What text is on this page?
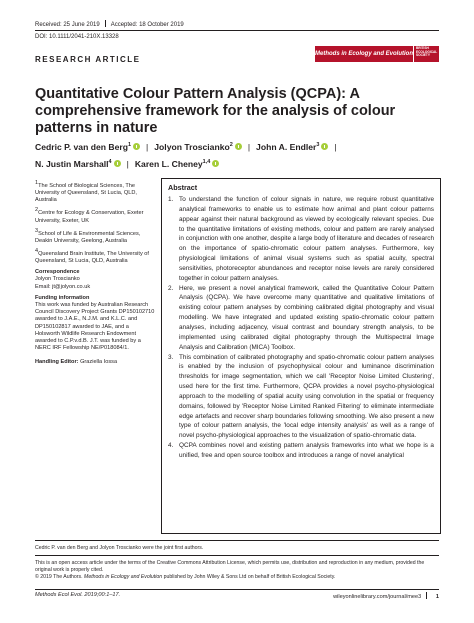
Received: 25 June 2019 Accepted: 18 October 2019
DOI: 10.1111/2041-210X.13328
RESEARCH ARTICLE
Methods in Ecology and Evolution
BRITISH
ECOLOGICAL
SOCIETY
Quantitative Colour Pattern Analysis (QCPA): A comprehensive framework for the analysis of colour patterns in nature
Cedric P. van den Berg$^1$ | Jolyon Troscianko$^2$ | John A. Endler$^3$ |
N. Justin Marshall$^4$ | Karen L. Cheney$^{1,4}$
$^1$The School of Biological Sciences, The University of Queensland, St Lucia, QLD, Australia
$^2$Centre for Ecology & Conservation, Exeter University, Exeter, UK
$^3$School of Life & Environmental Sciences, Deakin University, Geelong, Australia
$^4$Queensland Brain Institute, The University of Queensland, St Lucia, QLD, Australia
Correspondence
Jolyon Troscianko
Email: jt@jolyon.co.uk
Funding information
This work was funded by Australian Research Council Discovery Project Grants DP150102710 awarded to J.A.E., N.J.M. and K.L.C. and DP150102817 awarded to JAE, and a Holsworth Wildlife Research Endowment awarded to C.P.v.d.B. J.T. was funded by a NERC IRF Fellowship NE/P018084/1.
Handling Editor: Graziella Iossa
Abstract
1. To understand the function of colour signals in nature, we require robust quantitative analytical frameworks to enable us to estimate how animal and plant colour patterns appear against their natural background as viewed by ecologically relevant species. Due to the quantitative limitations of existing methods, colour and pattern are rarely analysed in conjunction with one another, despite a large body of literature and decades of research on the importance of spatio-chromatic colour pattern analyses. Furthermore, key physiological limitations of animal visual systems such as spatial acuity, spectral sensitivities, photoreceptor abundances and receptor noise levels are rarely considered together in colour pattern analyses.
2. Here, we present a novel analytical framework, called the Quantitative Colour Pattern Analysis (QCPA). We have overcome many quantitative and qualitative limitations of existing colour pattern analyses by combining calibrated digital photography and visual modelling. We have integrated and updated existing spatio-chromatic colour pattern analyses, including adjacency, visual contrast and boundary strength analysis, to be implemented using calibrated digital photography through the Multispectral Image Analysis and Calibration (MICA) Toolbox.
3. This combination of calibrated photography and spatio-chromatic colour pattern analyses is enabled by the inclusion of psychophysical colour and luminance discrimination thresholds for image segmentation, which we call 'Receptor Noise Limited Clustering', used here for the first time. Furthermore, QCPA provides a novel psycho-physiological approach to the modelling of spatial acuity using convolution in the spatial or frequency domains, followed by 'Receptor Noise Limited Ranked Filtering' to eliminate intermediate edge artefacts and recover sharp boundaries following smoothing. We also present a new type of colour pattern analysis, the 'local edge intensity analysis' as well as a range of novel psycho-physiological approaches to the visualization of spatio-chromatic data.
4. QCPA combines novel and existing pattern analysis frameworks into what we hope is a unified, free and open source toolbox and introduces a range of novel analytical
Cedric P. van den Berg and Jolyon Troscianko were the joint first authors.
This is an open access article under the terms of the Creative Commons Attribution License, which permits use, distribution and reproduction in any medium, provided the original work is properly cited.
© 2019 The Authors. Methods in Ecology and Evolution published by John Wiley & Sons Ltd on behalf of British Ecological Society.
Methods Ecol Evol. 2019;00:1–17.	wileyonlinelibrary.com/journal/mee3	1
